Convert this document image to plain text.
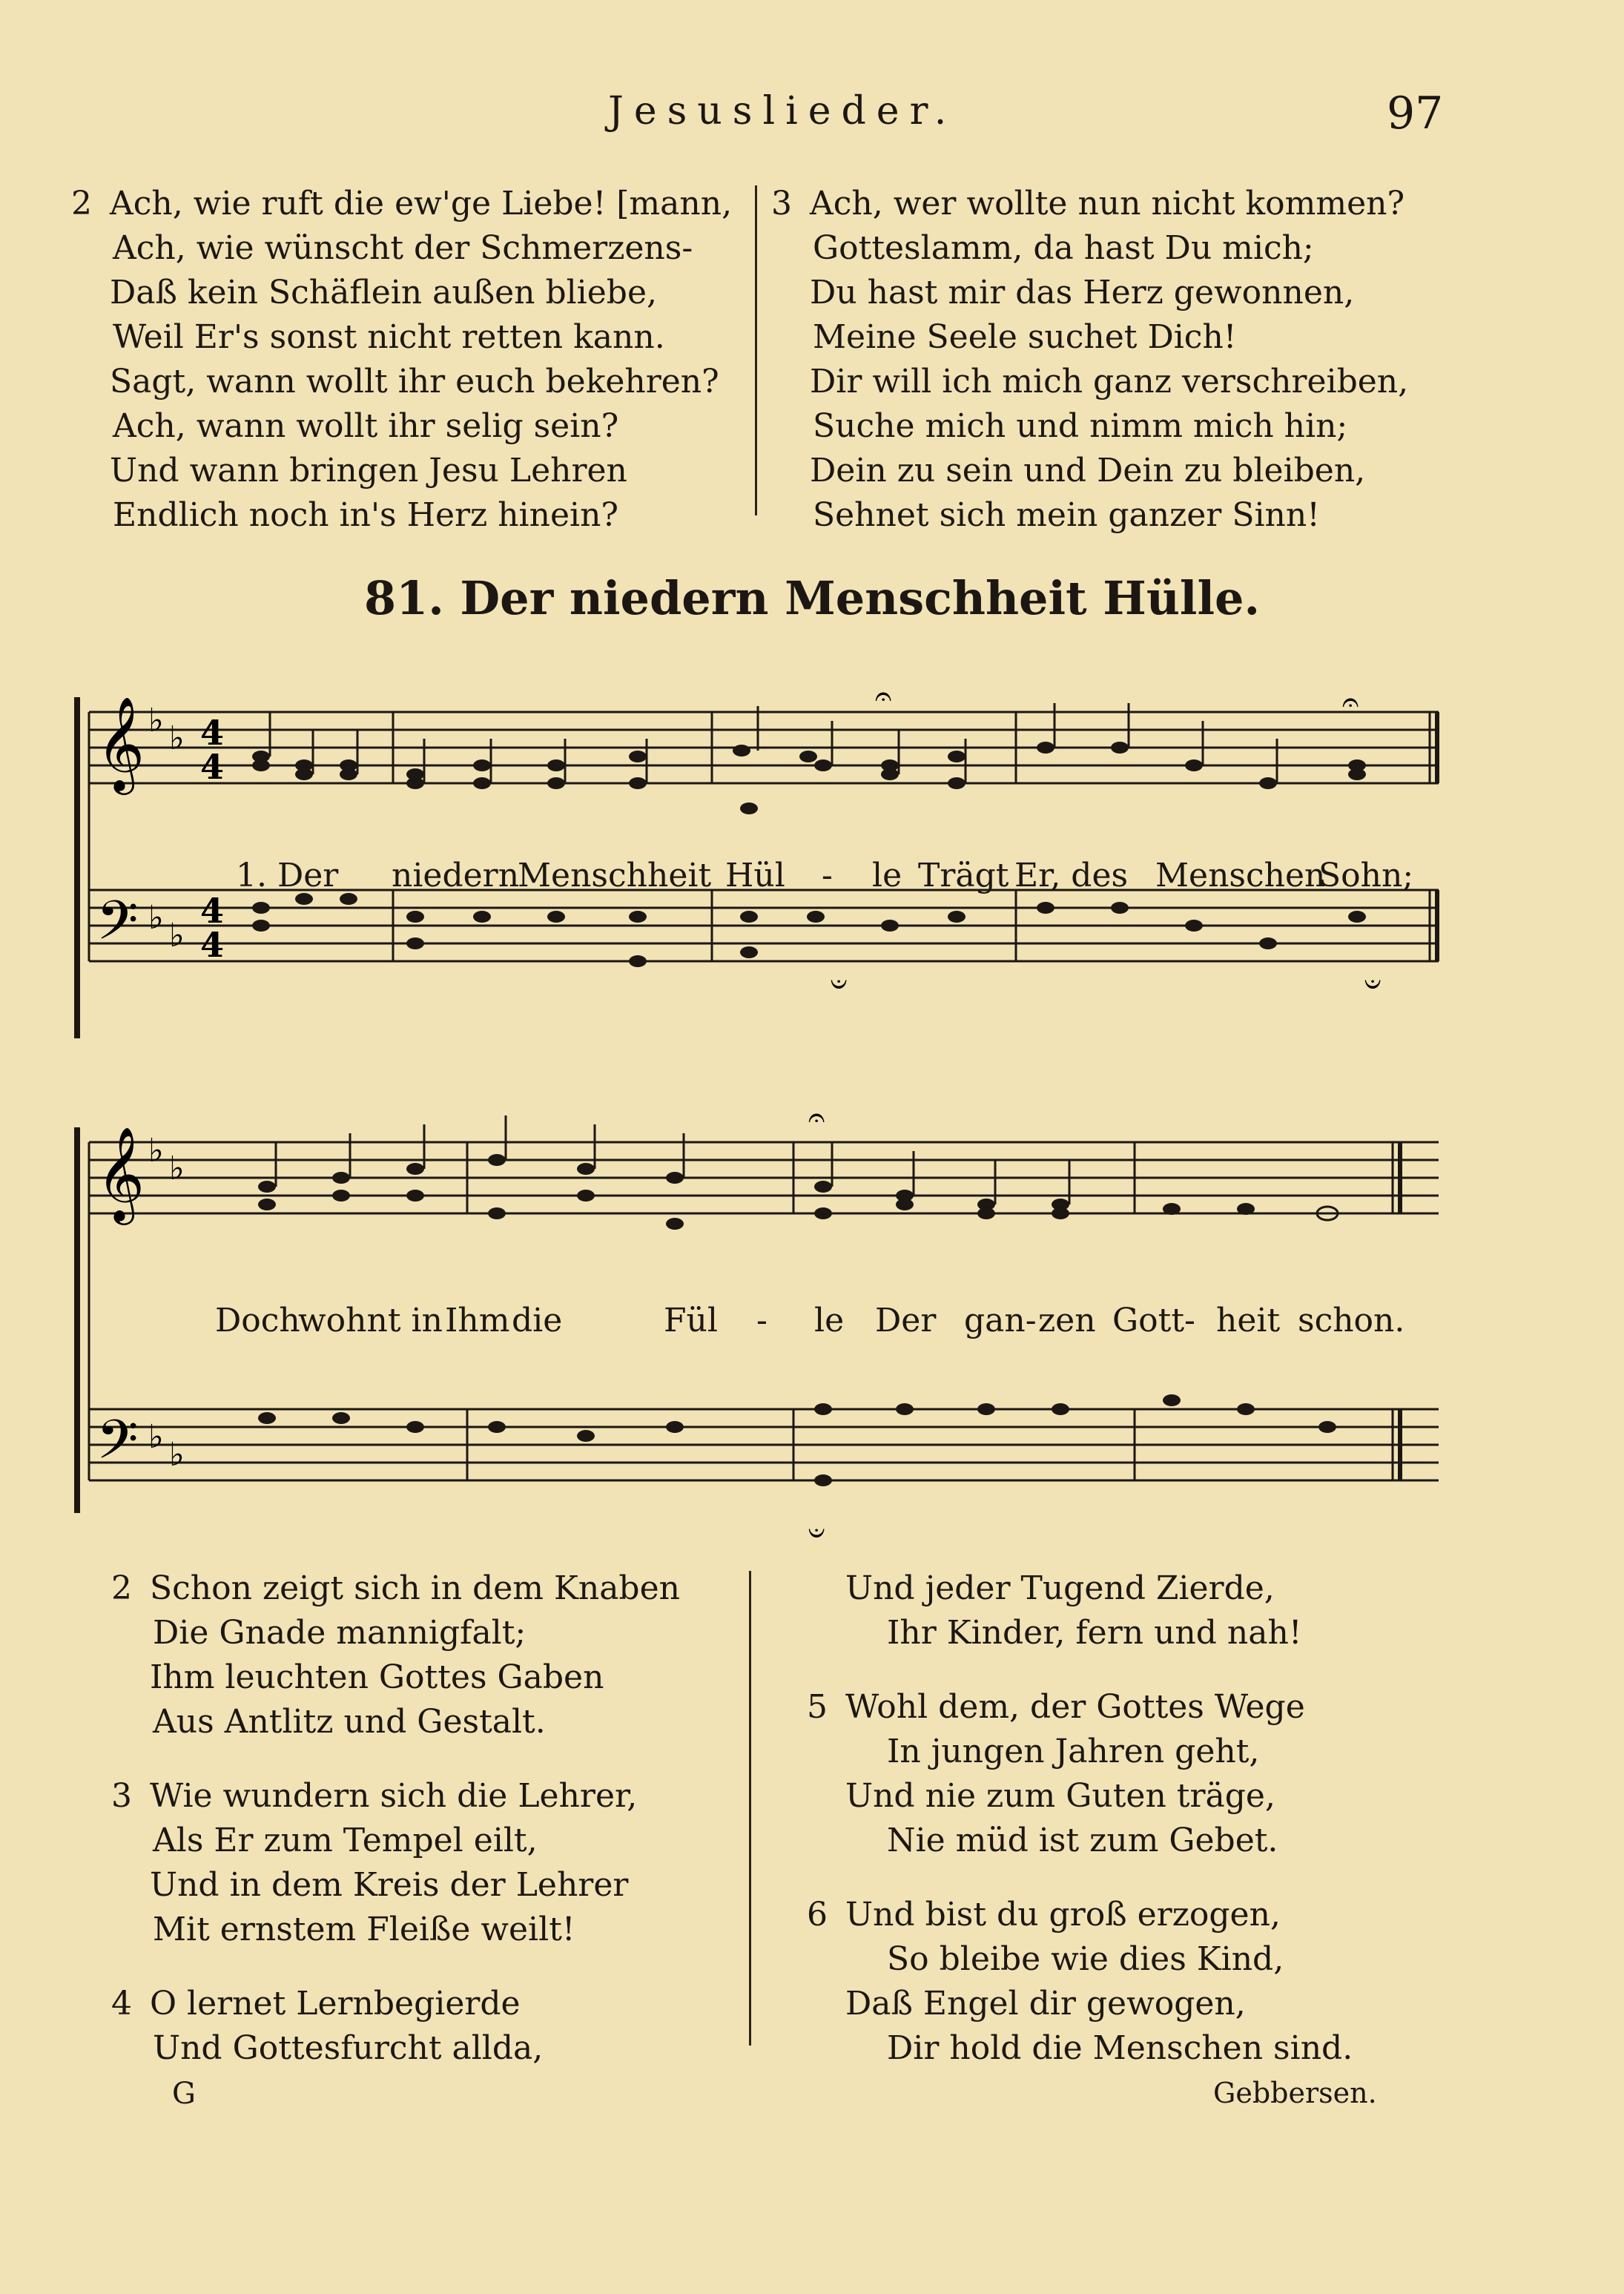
Jesuslieder.	97
2 Ach, wie ruft die ew'ge Liebe! [mann,
Ach, wie wünscht der Schmerzens-
Daß kein Schäflein außen bliebe,
Weil Er's sonst nicht retten kann.
Sagt, wann wollt ihr euch bekehren?
Ach, wann wollt ihr selig sein?
Und wann bringen Jesu Lehren
Endlich noch in's Herz hinein?
3 Ach, wer wollte nun nicht kommen?
Gotteslamm, da hast Du mich;
Du hast mir das Herz gewonnen,
Meine Seele suchet Dich!
Dir will ich mich ganz verschreiben,
Suche mich und nimm mich hin;
Dein zu sein und Dein zu bleiben,
Sehnet sich mein ganzer Sinn!
81. Der niedern Menschheit Hülle.
𝄞
𝄢
♭ ♭
♭ ♭
4
4
4
4
𝄐
𝄐
𝄑
𝄑
1. Der niedern
Menschheit Hül - le Trägt Er, des Menschen
Sohn;
𝄞
𝄢
♭ ♭
♭ ♭
𝄐
𝄑
Doch
wohnt in Ihm die	Fül - le Der gan- zen Gott- heit schon.
2 Schon zeigt sich in dem Knaben
Die Gnade mannigfalt;
Ihm leuchten Gottes Gaben
Aus Antlitz und Gestalt.
3 Wie wundern sich die Lehrer,
Als Er zum Tempel eilt,
Und in dem Kreis der Lehrer
Mit ernstem Fleiße weilt!
4 O lernet Lernbegierde
Und Gottesfurcht allda,
Und jeder Tugend Zierde,
Ihr Kinder, fern und nah!
5 Wohl dem, der Gottes Wege
In jungen Jahren geht,
Und nie zum Guten träge,
Nie müd ist zum Gebet.
6 Und bist du groß erzogen,
So bleibe wie dies Kind,
Daß Engel dir gewogen,
Dir hold die Menschen sind.
G	Gebbersen.
